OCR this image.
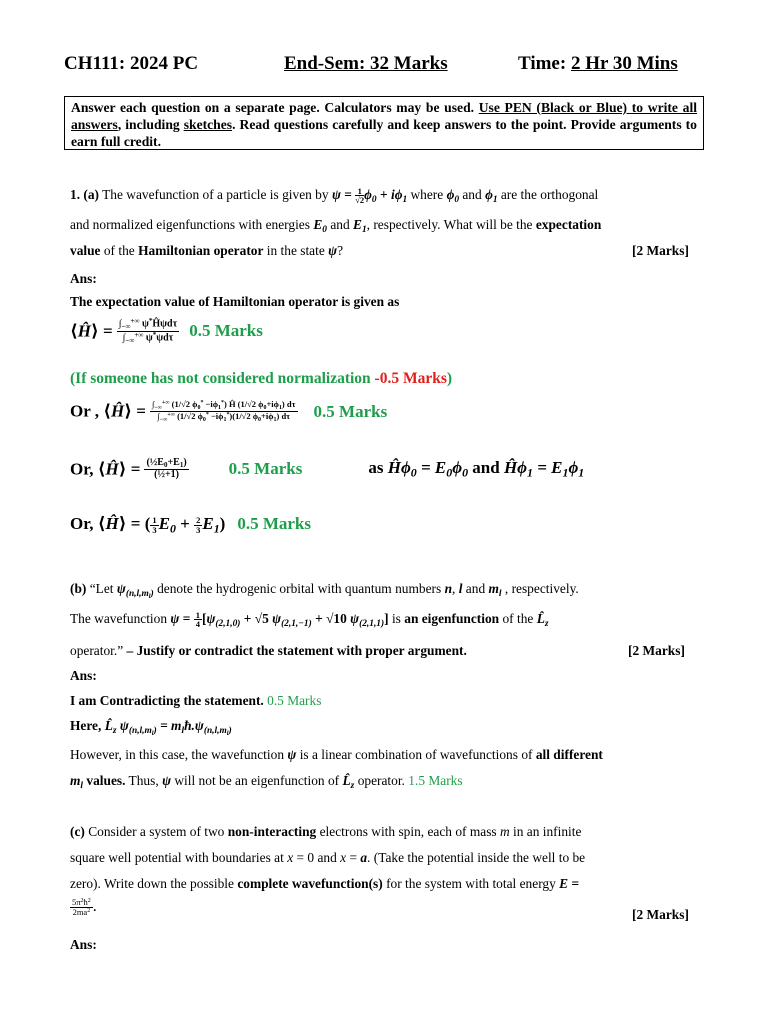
CH111: 2024 PC	End-Sem: 32 Marks	Time: 2 Hr 30 Mins
Answer each question on a separate page. Calculators may be used. Use PEN (Black or Blue) to write all answers, including sketches. Read questions carefully and keep answers to the point. Provide arguments to earn full credit.
1. (a) The wavefunction of a particle is given by $\psi = \frac{1}{√2} \phi_0 + i\phi_1$ where $\phi_0$ and $\phi_1$ are the orthogonal
and normalized eigenfunctions with energies $E_0$ and $E_1$, respectively. What will be the expectation
value of the Hamiltonian operator in the state ψ?	[2 Marks]
Ans:
The expectation value of Hamiltonian operator is given as
⟨Ĥ⟩ = $\frac{\int_{-\infty}^{+\infty} \psi^*Ĥ\psi d\tau}{\int_{-\infty}^{+\infty} \psi^*\psi d\tau} 0.5$ Marks
(If someone has not considered normalization -0.5 Marks)
Or , ⟨Ĥ⟩ = $\frac{\int_{-\infty}^{+\infty} (1/√2 \phi_0^* -i\phi_1^*) Ĥ (1/√2 \phi_0+i\phi_1) d\tau}{\int_{-\infty}^{+\infty} (1/√2 \phi_0^* -i\phi_1^*)(1/√2 \phi_0+i\phi_1) d\tau} 0.5$ Marks
Or, ⟨Ĥ⟩ = $\frac{(\frac{1}{2}E_0+E_1)}{\text{(½+1)}} 0.5$ Marks	as $Ĥ\phi_0 = E_0\phi_0$ and $Ĥ\phi_1 = E_1\phi_1$
Or, ⟨Ĥ⟩ = ( $\frac{1}{3} E_0 + \frac{2}{3} E_1$) 0.5 Marks
(b) “Let $\psi_{(n,l,m_l)}$ denote the hydrogenic orbital with quantum numbers n, l and $m_l$ , respectively.
The wavefunction $\psi = \frac{1}{4} [\psi_{(2,1,0)} + √5$ $\psi_{(2,1,-1)} + √10$ $\psi_{(2,1,1)}$] is an eigenfunction of the $L̂_z$
operator.” – Justify or contradict the statement with proper argument.	[2 Marks]
Ans:
I am Contradicting the statement. 0.5 Marks
Here, $L̂_z$ $\psi_{(n,l,m_l)}$ = $m_lħ.\psi_{(n,l,m_l)}$
However, in this case, the wavefunction ψ is a linear combination of wavefunctions of all different
$m_l$ values. Thus, ψ will not be an eigenfunction of $L̂_z$ operator. 1.5 Marks
(c) Consider a system of two non-interacting electrons with spin, each of mass m in an infinite
square well potential with boundaries at x = 0 and x = a. (Take the potential inside the well to be
zero). Write down the possible complete wavefunction(s) for the system with total energy E =
$\frac{5\pi^2ħ^2}{2ma^2}$ .	[2 Marks]
Ans:
